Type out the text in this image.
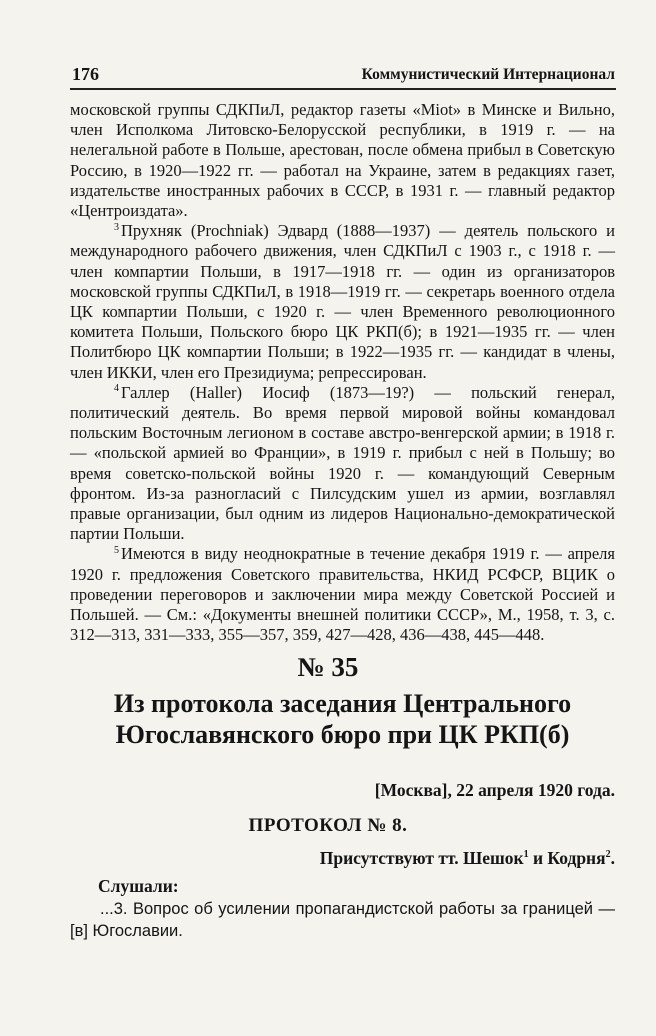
176	Коммунистический Интернационал

московской группы СДКПиЛ, редактор газеты «Miot» в Минске и Вильно, член Исполкома Литовско-Белорусской республики, в 1919 г. — на нелегальной работе в Польше, арестован, после обмена прибыл в Советскую Россию, в 1920—1922 гг. — работал на Украине, затем в редакциях газет, издательстве иностранных рабочих в СССР, в 1931 г. — главный редактор «Центроиздата».

$^3$ Прухняк (Prochniak) Эдвард (1888—1937) — деятель польского и международного рабочего движения, член СДКПиЛ с 1903 г., с 1918 г. — член компартии Польши, в 1917—1918 гг. — один из организаторов московской группы СДКПиЛ, в 1918—1919 гг. — секретарь военного отдела ЦК компартии Польши, с 1920 г. — член Временного революционного комитета Польши, Польского бюро ЦК РКП(б); в 1921—1935 гг. — член Политбюро ЦК компартии Польши; в 1922—1935 гг. — кандидат в члены, член ИККИ, член его Президиума; репрессирован.

$^4$ Галлер (Haller) Иосиф (1873—19?) — польский генерал, политический деятель. Во время первой мировой войны командовал польским Восточным легионом в составе австро-венгерской армии; в 1918 г. — «польской армией во Франции», в 1919 г. прибыл с ней в Польшу; во время советско-польской войны 1920 г. — командующий Северным фронтом. Из-за разногласий с Пилсудским ушел из армии, возглавлял правые организации, был одним из лидеров Национально-демократической партии Польши.

$^5$ Имеются в виду неоднократные в течение декабря 1919 г. — апреля 1920 г. предложения Советского правительства, НКИД РСФСР, ВЦИК о проведении переговоров и заключении мира между Советской Россией и Польшей. — См.: «Документы внешней политики СССР», М., 1958, т. 3, с. 312—313, 331—333, 355—357, 359, 427—428, 436—438, 445—448.

№ 35
Из протокола заседания Центрального Югославянского бюро при ЦК РКП(б)
[Москва], 22 апреля 1920 года.
ПРОТОКОЛ № 8.
Присутствуют тт. Шешок$^1$ и Кодрня$^2$.
Слушали:
...3. Вопрос об усилении пропагандистской работы за границей — [в] Югославии.
